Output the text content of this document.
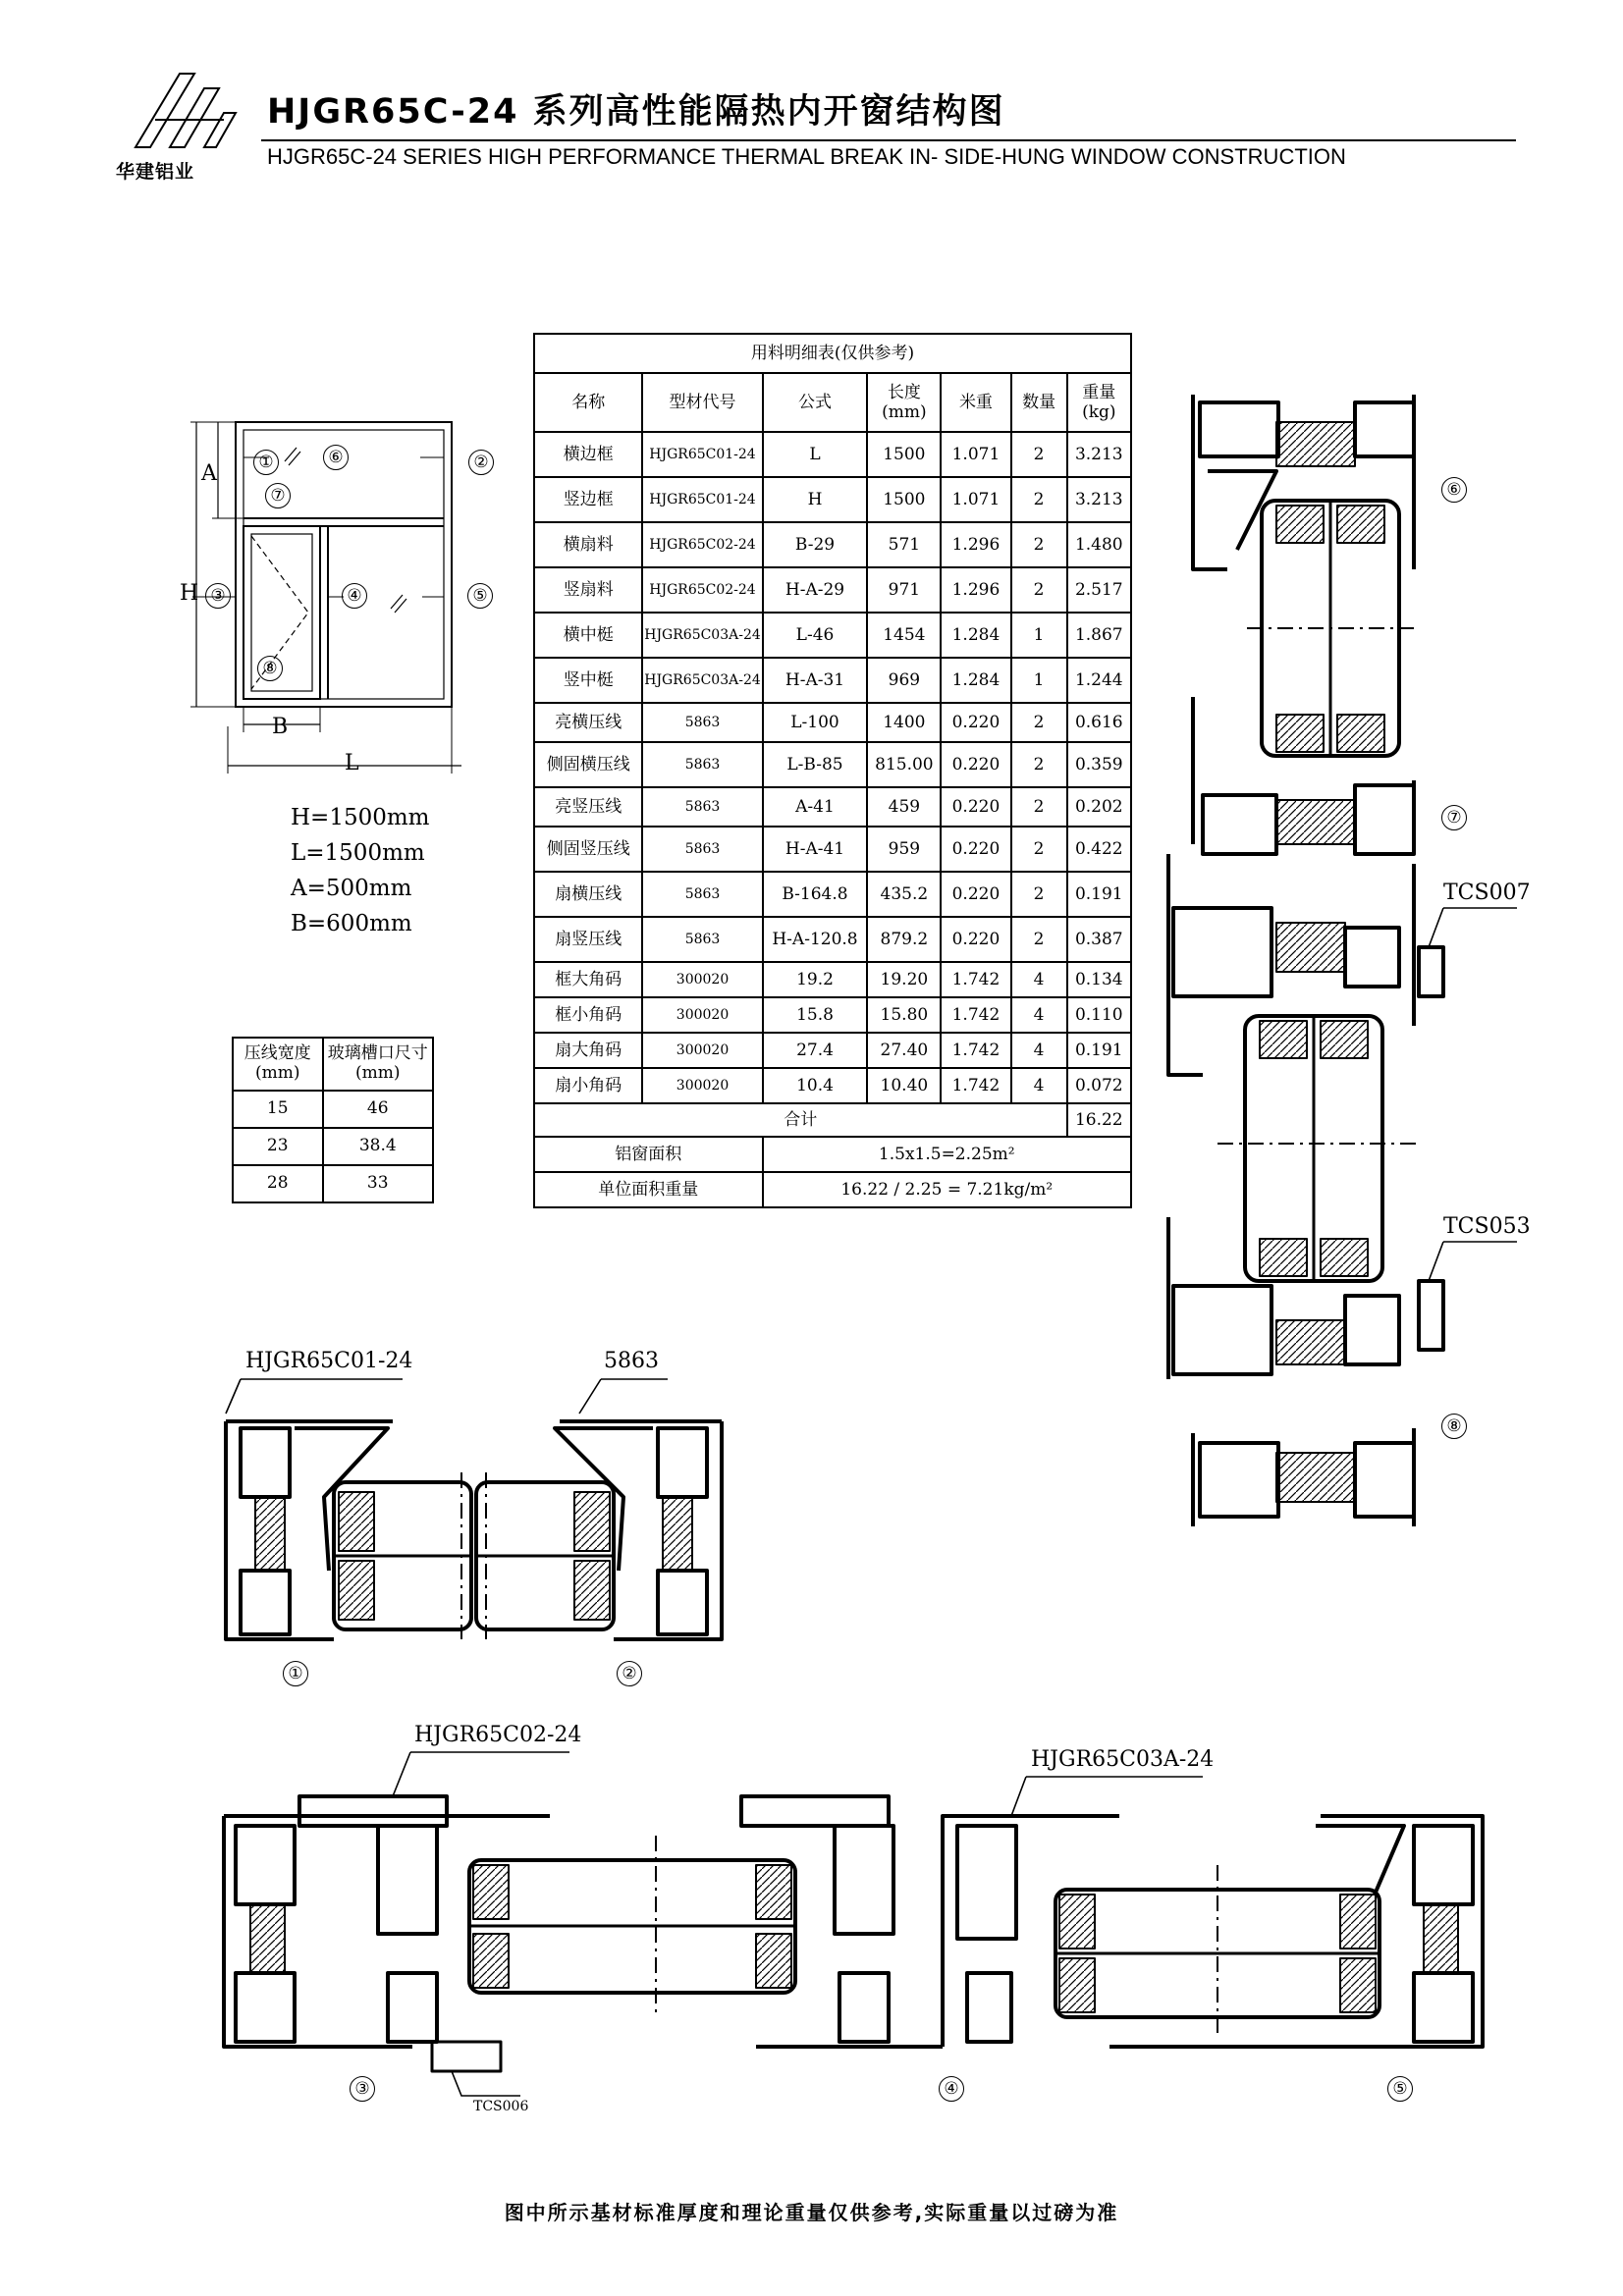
华建铝业
HJGR65C-24 系列高性能隔热内开窗结构图
HJGR65C-24 SERIES HIGH PERFORMANCE THERMAL BREAK IN- SIDE-HUNG WINDOW CONSTRUCTION
H
A
B
L
①	⑥	②
⑦
③	④	⑤
⑧
H=1500mm
L=1500mm
A=500mm
B=600mm
压线宽度(mm)	玻璃槽口尺寸(mm)
15	46
23	38.4
28	33
用料明细表(仅供参考)						
名称	型材代号	公式	长度(mm)	米重	数量	重量(kg)
横边框	HJGR65C01-24	L	1500	1.071	2	3.213
竖边框	HJGR65C01-24	H	1500	1.071	2	3.213
横扇料	HJGR65C02-24	B-29	571	1.296	2	1.480
竖扇料	HJGR65C02-24	H-A-29	971	1.296	2	2.517
横中梃	HJGR65C03A-24	L-46	1454	1.284	1	1.867
竖中梃	HJGR65C03A-24	H-A-31	969	1.284	1	1.244
亮横压线	5863	L-100	1400	0.220	2	0.616
侧固横压线	5863	L-B-85	815.00	0.220	2	0.359
亮竖压线	5863	A-41	459	0.220	2	0.202
侧固竖压线	5863	H-A-41	959	0.220	2	0.422
扇横压线	5863	B-164.8	435.2	0.220	2	0.191
扇竖压线	5863	H-A-120.8	879.2	0.220	2	0.387
框大角码	300020	19.2	19.20	1.742	4	0.134
框小角码	300020	15.8	15.80	1.742	4	0.110
扇大角码	300020	27.4	27.40	1.742	4	0.191
扇小角码	300020	10.4	10.40	1.742	4	0.072
合计						16.22
铝窗面积		1.5x1.5=2.25m²				
单位面积重量		16.22 / 2.25 = 7.21kg/m²				
HJGR65C01-24	5863
HJGR65C02-24
HJGR65C03A-24
TCS007
TCS053
TCS006
⑥
⑦
⑧
①	②
③	④	⑤
图中所示基材标准厚度和理论重量仅供参考,实际重量以过磅为准
